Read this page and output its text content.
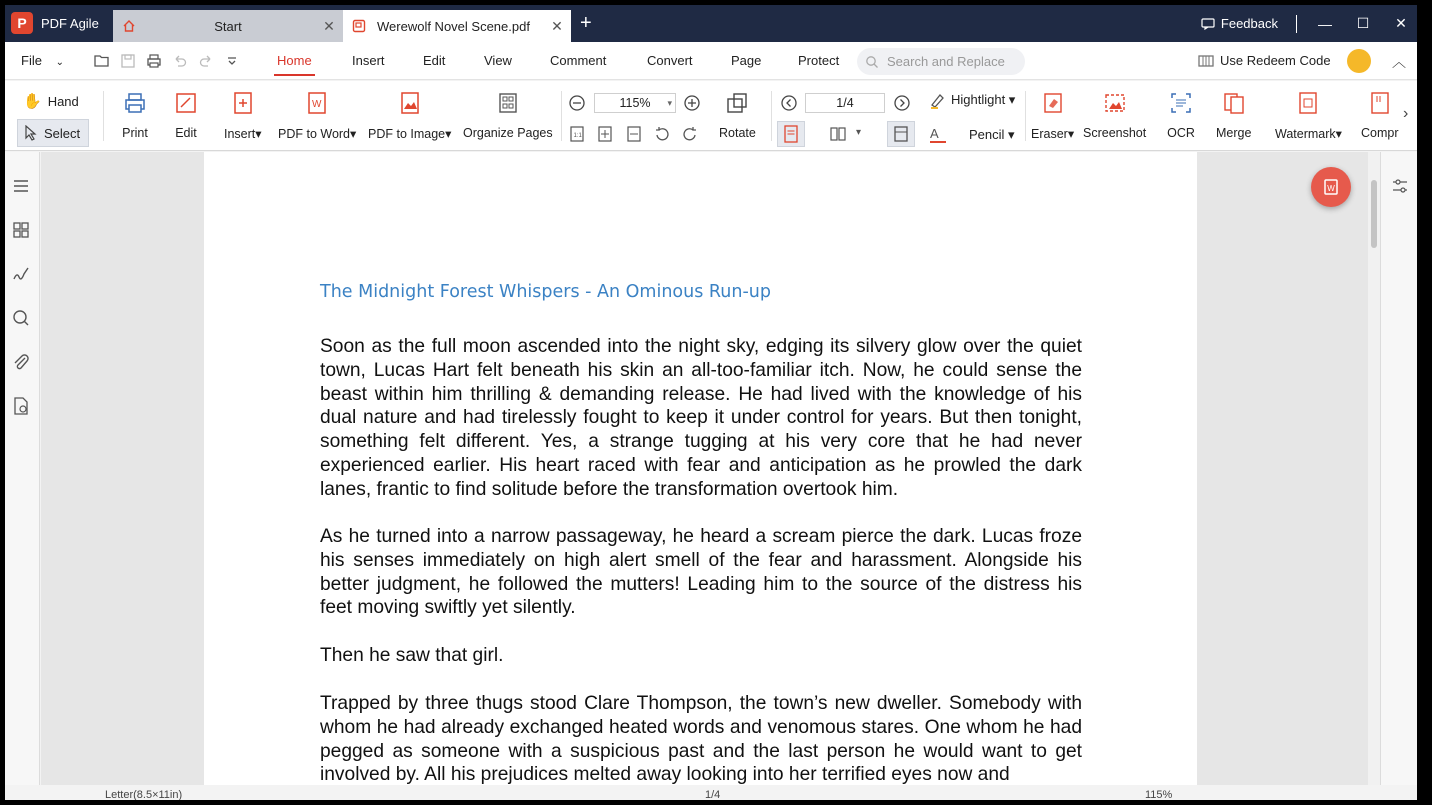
P	PDF Agile	Start	✕	Werewolf Novel Scene.pdf	✕ +	Feedback	— ☐ ✕
File ⌄	Home	Insert	Edit	View	Comment	Convert	Page	Protect	Search and Replace	Use Redeem Code	︿
✋ Hand
Select	Print Edit Insert▾
W
PDF to Word▾ PDF to Image▾ Organize Pages
115% ▾
1:1	Rotate
1/4
▾
Hightlight ▾
A Pencil ▾ Eraser▾ Screenshot OCR Merge Watermark▾ Compr
›
The Midnight Forest Whispers - An Ominous Run-up
Soon as the full moon ascended into the night sky, edging its silvery glow over the quiet town, Lucas Hart felt beneath his skin an all-too-familiar itch. Now, he could sense the beast within him thrilling & demanding release. He had lived with the knowledge of his dual nature and had tirelessly fought to keep it under control for years. But then tonight, something felt different. Yes, a strange tugging at his very core that he had never experienced earlier. His heart raced with fear and anticipation as he prowled the dark lanes, frantic to find solitude before the transformation overtook him.
As he turned into a narrow passageway, he heard a scream pierce the dark. Lucas froze his senses immediately on high alert smell of the fear and harassment. Alongside his better judgment, he followed the mutters! Leading him to the source of the distress his feet moving swiftly yet silently.
Then he saw that girl.
Trapped by three thugs stood Clare Thompson, the town’s new dweller. Somebody with whom he had already exchanged heated words and venomous stares. One whom he had pegged as someone with a suspicious past and the last person he would want to get involved by. All his prejudices melted away looking into her terrified eyes now and
W
Letter(8.5×11in)	1/4	115%
